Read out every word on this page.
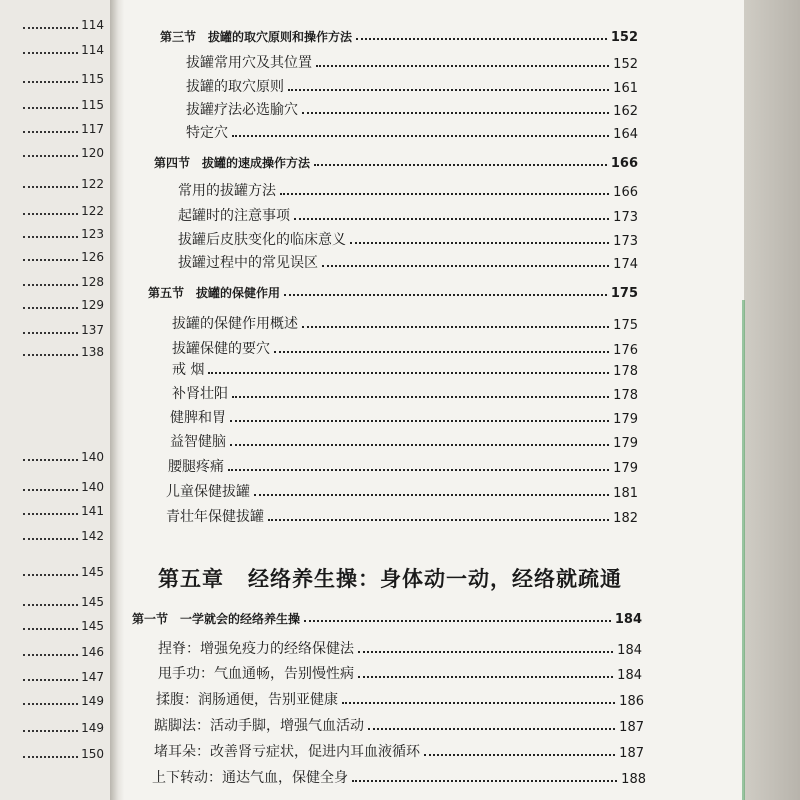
114
114
115
115
117
120
122
122
123
126
128
129
137
138
140
140
141
142
145
145
145
146
147
149
149
150
第三节　拔罐的取穴原则和操作方法	152
拔罐常用穴及其位置	152
拔罐的取穴原则	161
拔罐疗法必选腧穴	162
特定穴	164
第四节　拔罐的速成操作方法	166
常用的拔罐方法	166
起罐时的注意事项	173
拔罐后皮肤变化的临床意义	173
拔罐过程中的常见误区	174
第五节　拔罐的保健作用	175
拔罐的保健作用概述	175
拔罐保健的要穴	176
戒 烟	178
补肾壮阳	178
健脾和胃	179
益智健脑	179
腰腿疼痛	179
儿童保健拔罐	181
青壮年保健拔罐	182
第五章 经络养生操：身体动一动，经络就疏通
第一节　一学就会的经络养生操	184
捏脊：增强免疫力的经络保健法	184
甩手功：气血通畅，告别慢性病	184
揉腹：润肠通便，告别亚健康	186
踮脚法：活动手脚，增强气血活动	187
堵耳朵：改善肾亏症状，促进内耳血液循环	187
上下转动：通达气血，保健全身	188
